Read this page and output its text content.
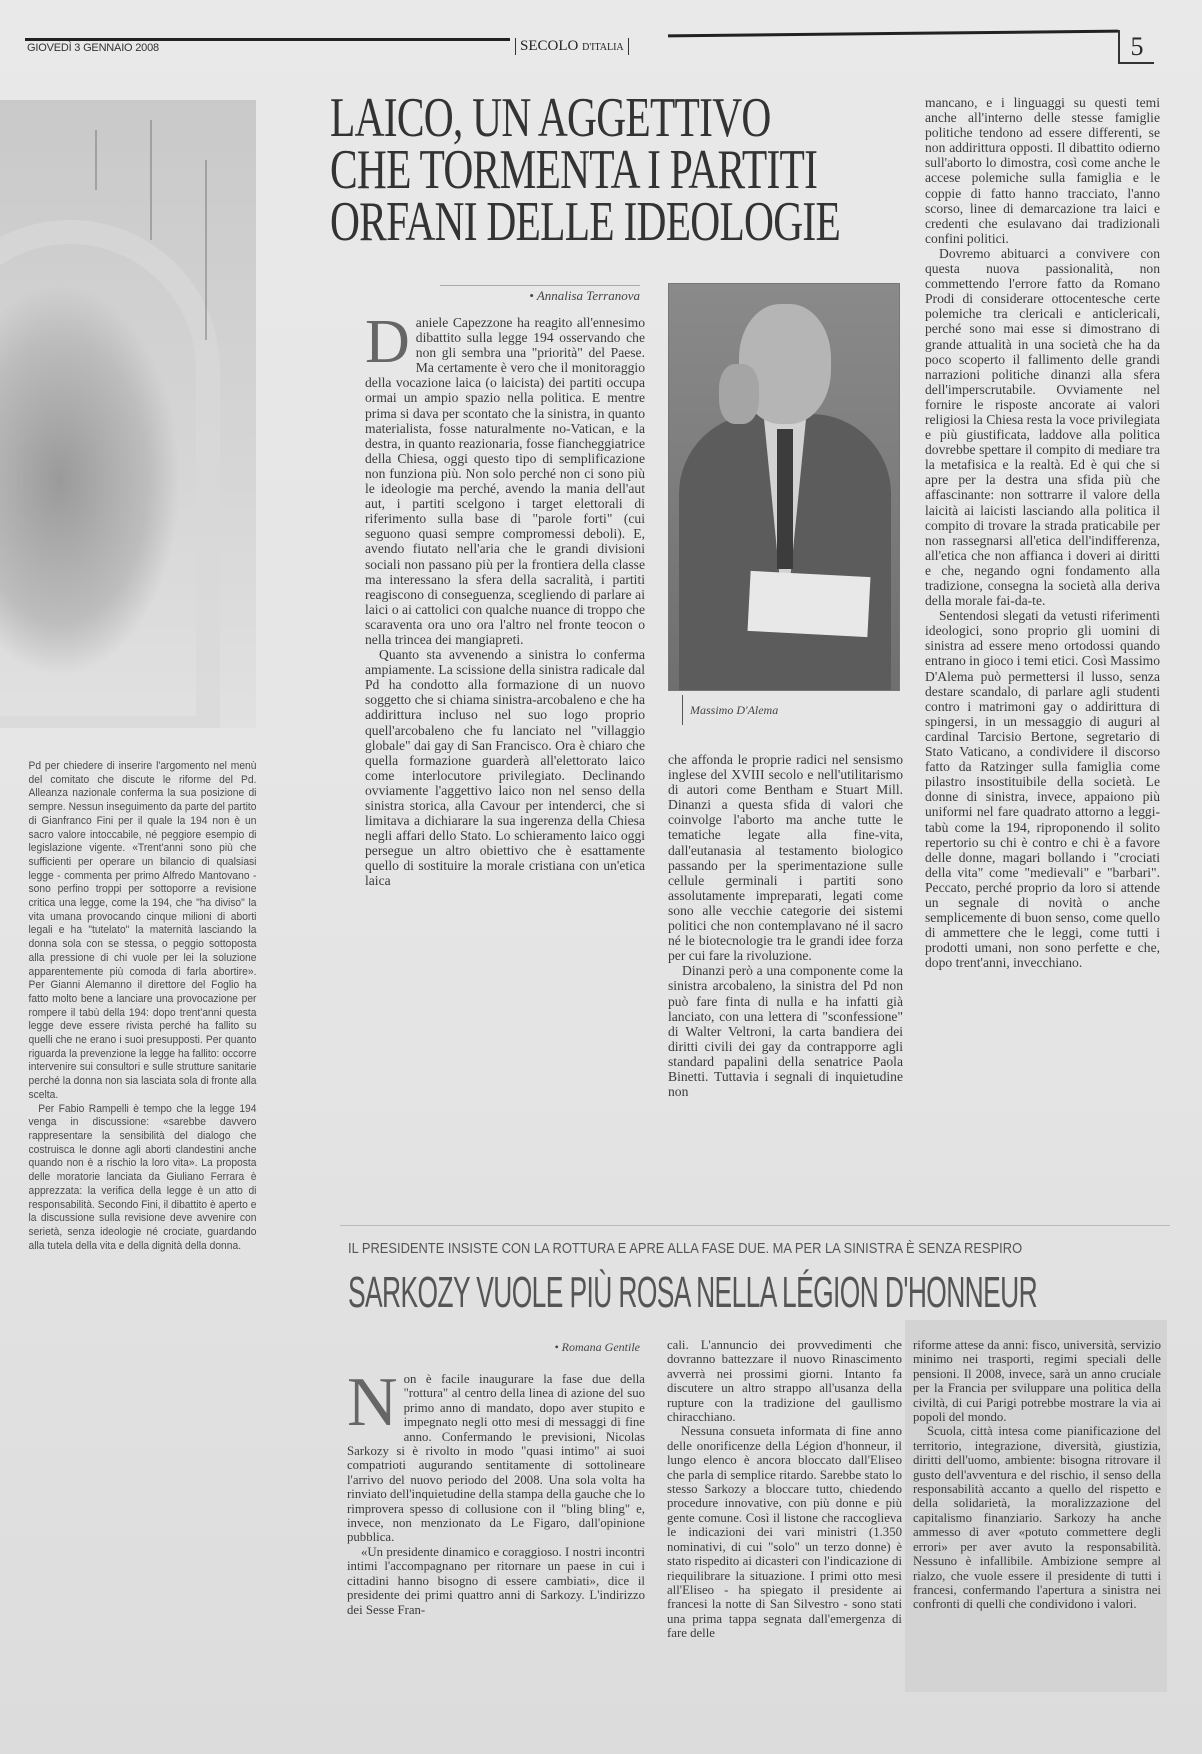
GIOVEDÌ 3 GENNAIO 2008	SECOLO D'ITALIA	5
LAICO, UN AGGETTIVO
CHE TORMENTA I PARTITI
ORFANI DELLE IDEOLOGIE
• Annalisa Terranova
D aniele Capezzone ha reagito all'ennesimo dibattito sulla legge 194 osservando che non gli sembra una "priorità" del Paese. Ma certamente è vero che il monitoraggio della vocazione laica (o laicista) dei partiti occupa ormai un ampio spazio nella politica. E mentre prima si dava per scontato che la sinistra, in quanto materialista, fosse naturalmente no-Vatican, e la destra, in quanto reazionaria, fosse fiancheggiatrice della Chiesa, oggi questo tipo di semplificazione non funziona più. Non solo perché non ci sono più le ideologie ma perché, avendo la mania dell'aut aut, i partiti scelgono i target elettorali di riferimento sulla base di "parole forti" (cui seguono quasi sempre compromessi deboli). E, avendo fiutato nell'aria che le grandi divisioni sociali non passano più per la frontiera della classe ma interessano la sfera della sacralità, i partiti reagiscono di conseguenza, scegliendo di parlare ai laici o ai cattolici con qualche nuance di troppo che scaraventa ora uno ora l'altro nel fronte teocon o nella trincea dei mangiapreti.

Quanto sta avvenendo a sinistra lo conferma ampiamente. La scissione della sinistra radicale dal Pd ha condotto alla formazione di un nuovo soggetto che si chiama sinistra-arcobaleno e che ha addirittura incluso nel suo logo proprio quell'arcobaleno che fu lanciato nel "villaggio globale" dai gay di San Francisco. Ora è chiaro che quella formazione guarderà all'elettorato laico come interlocutore privilegiato. Declinando ovviamente l'aggettivo laico non nel senso della sinistra storica, alla Cavour per intenderci, che si limitava a dichiarare la sua ingerenza della Chiesa negli affari dello Stato. Lo schieramento laico oggi persegue un altro obiettivo che è esattamente quello di sostituire la morale cristiana con un'etica laica

Massimo D'Alema

che affonda le proprie radici nel sensismo inglese del XVIII secolo e nell'utilitarismo di autori come Bentham e Stuart Mill. Dinanzi a questa sfida di valori che coinvolge l'aborto ma anche tutte le tematiche legate alla fine-vita, dall'eutanasia al testamento biologico passando per la sperimentazione sulle cellule germinali i partiti sono assolutamente impreparati, legati come sono alle vecchie categorie dei sistemi politici che non contemplavano né il sacro né le biotecnologie tra le grandi idee forza per cui fare la rivoluzione.

Dinanzi però a una componente come la sinistra arcobaleno, la sinistra del Pd non può fare finta di nulla e ha infatti già lanciato, con una lettera di "sconfessione" di Walter Veltroni, la carta bandiera dei diritti civili dei gay da contrapporre agli standard papalini della senatrice Paola Binetti. Tuttavia i segnali di inquietudine non

mancano, e i linguaggi su questi temi anche all'interno delle stesse famiglie politiche tendono ad essere differenti, se non addirittura opposti. Il dibattito odierno sull'aborto lo dimostra, così come anche le accese polemiche sulla famiglia e le coppie di fatto hanno tracciato, l'anno scorso, linee di demarcazione tra laici e credenti che esulavano dai tradizionali confini politici.

Dovremo abituarci a convivere con questa nuova passionalità, non commettendo l'errore fatto da Romano Prodi di considerare ottocentesche certe polemiche tra clericali e anticlericali, perché sono mai esse si dimostrano di grande attualità in una società che ha da poco scoperto il fallimento delle grandi narrazioni politiche dinanzi alla sfera dell'imperscrutabile. Ovviamente nel fornire le risposte ancorate ai valori religiosi la Chiesa resta la voce privilegiata e più giustificata, laddove alla politica dovrebbe spettare il compito di mediare tra la metafisica e la realtà. Ed è qui che si apre per la destra una sfida più che affascinante: non sottrarre il valore della laicità ai laicisti lasciando alla politica il compito di trovare la strada praticabile per non rassegnarsi all'etica dell'indifferenza, all'etica che non affianca i doveri ai diritti e che, negando ogni fondamento alla tradizione, consegna la società alla deriva della morale fai-da-te.

Sentendosi slegati da vetusti riferimenti ideologici, sono proprio gli uomini di sinistra ad essere meno ortodossi quando entrano in gioco i temi etici. Così Massimo D'Alema può permettersi il lusso, senza destare scandalo, di parlare agli studenti contro i matrimoni gay o addirittura di spingersi, in un messaggio di auguri al cardinal Tarcisio Bertone, segretario di Stato Vaticano, a condividere il discorso fatto da Ratzinger sulla famiglia come pilastro insostituibile della società. Le donne di sinistra, invece, appaiono più uniformi nel fare quadrato attorno a leggi-tabù come la 194, riproponendo il solito repertorio su chi è contro e chi è a favore delle donne, magari bollando i "crociati della vita" come "medievali" e "barbari". Peccato, perché proprio da loro si attende un segnale di novità o anche semplicemente di buon senso, come quello di ammettere che le leggi, come tutti i prodotti umani, non sono perfette e che, dopo trent'anni, invecchiano.

Pd per chiedere di inserire l'argomento nel menù del comitato che discute le riforme del Pd. Alleanza nazionale conferma la sua posizione di sempre. Nessun inseguimento da parte del partito di Gianfranco Fini per il quale la 194 non è un sacro valore intoccabile, né peggiore esempio di legislazione vigente. «Trent'anni sono più che sufficienti per operare un bilancio di qualsiasi legge - commenta per primo Alfredo Mantovano - sono perfino troppi per sottoporre a revisione critica una legge, come la 194, che "ha diviso" la vita umana provocando cinque milioni di aborti legali e ha "tutelato" la maternità lasciando la donna sola con se stessa, o peggio sottoposta alla pressione di chi vuole per lei la soluzione apparentemente più comoda di farla abortire». Per Gianni Alemanno il direttore del Foglio ha fatto molto bene a lanciare una provocazione per rompere il tabù della 194: dopo trent'anni questa legge deve essere rivista perché ha fallito su quelli che ne erano i suoi presupposti. Per quanto riguarda la prevenzione la legge ha fallito: occorre intervenire sui consultori e sulle strutture sanitarie perché la donna non sia lasciata sola di fronte alla scelta.

Per Fabio Rampelli è tempo che la legge 194 venga in discussione: «sarebbe davvero rappresentare la sensibilità del dialogo che costruisca le donne agli aborti clandestini anche quando non è a rischio la loro vita». La proposta delle moratorie lanciata da Giuliano Ferrara è apprezzata: la verifica della legge è un atto di responsabilità. Secondo Fini, il dibattito è aperto e la discussione sulla revisione deve avvenire con serietà, senza ideologie né crociate, guardando alla tutela della vita e della dignità della donna.	IL PRESIDENTE INSISTE CON LA ROTTURA E APRE ALLA FASE DUE. MA PER LA SINISTRA È SENZA RESPIRO
SARKOZY VUOLE PIÙ ROSA NELLA LÉGION D'HONNEUR
• Romana Gentile
N on è facile inaugurare la fase due della "rottura" al centro della linea di azione del suo primo anno di mandato, dopo aver stupito e impegnato negli otto mesi di messaggi di fine anno. Confermando le previsioni, Nicolas Sarkozy si è rivolto in modo "quasi intimo" ai suoi compatrioti augurando sentitamente di sottolineare l'arrivo del nuovo periodo del 2008. Una sola volta ha rinviato dell'inquietudine della stampa della gauche che lo rimprovera spesso di collusione con il "bling bling" e, invece, non menzionato da Le Figaro, dall'opinione pubblica.

«Un presidente dinamico e coraggioso. I nostri incontri intimi l'accompagnano per ritornare un paese in cui i cittadini hanno bisogno di essere cambiati», dice il presidente dei primi quattro anni di Sarkozy. L'indirizzo dei Sesse Fran-

cali. L'annuncio dei provvedimenti che dovranno battezzare il nuovo Rinascimento avverrà nei prossimi giorni. Intanto fa discutere un altro strappo all'usanza della rupture con la tradizione del gaullismo chiracchiano.

Nessuna consueta informata di fine anno delle onorificenze della Légion d'honneur, il lungo elenco è ancora bloccato dall'Eliseo che parla di semplice ritardo. Sarebbe stato lo stesso Sarkozy a bloccare tutto, chiedendo procedure innovative, con più donne e più gente comune. Così il listone che raccoglieva le indicazioni dei vari ministri (1.350 nominativi, di cui "solo" un terzo donne) è stato rispedito ai dicasteri con l'indicazione di riequilibrare la situazione. I primi otto mesi all'Eliseo - ha spiegato il presidente ai francesi la notte di San Silvestro - sono stati una prima tappa segnata dall'emergenza di fare delle

riforme attese da anni: fisco, università, servizio minimo nei trasporti, regimi speciali delle pensioni. Il 2008, invece, sarà un anno cruciale per la Francia per sviluppare una politica della civiltà, di cui Parigi potrebbe mostrare la via ai popoli del mondo.

Scuola, città intesa come pianificazione del territorio, integrazione, diversità, giustizia, diritti dell'uomo, ambiente: bisogna ritrovare il gusto dell'avventura e del rischio, il senso della responsabilità accanto a quello del rispetto e della solidarietà, la moralizzazione del capitalismo finanziario. Sarkozy ha anche ammesso di aver «potuto commettere degli errori» per aver avuto la responsabilità. Nessuno è infallibile. Ambizione sempre al rialzo, che vuole essere il presidente di tutti i francesi, confermando l'apertura a sinistra nei confronti di quelli che condividono i valori.
